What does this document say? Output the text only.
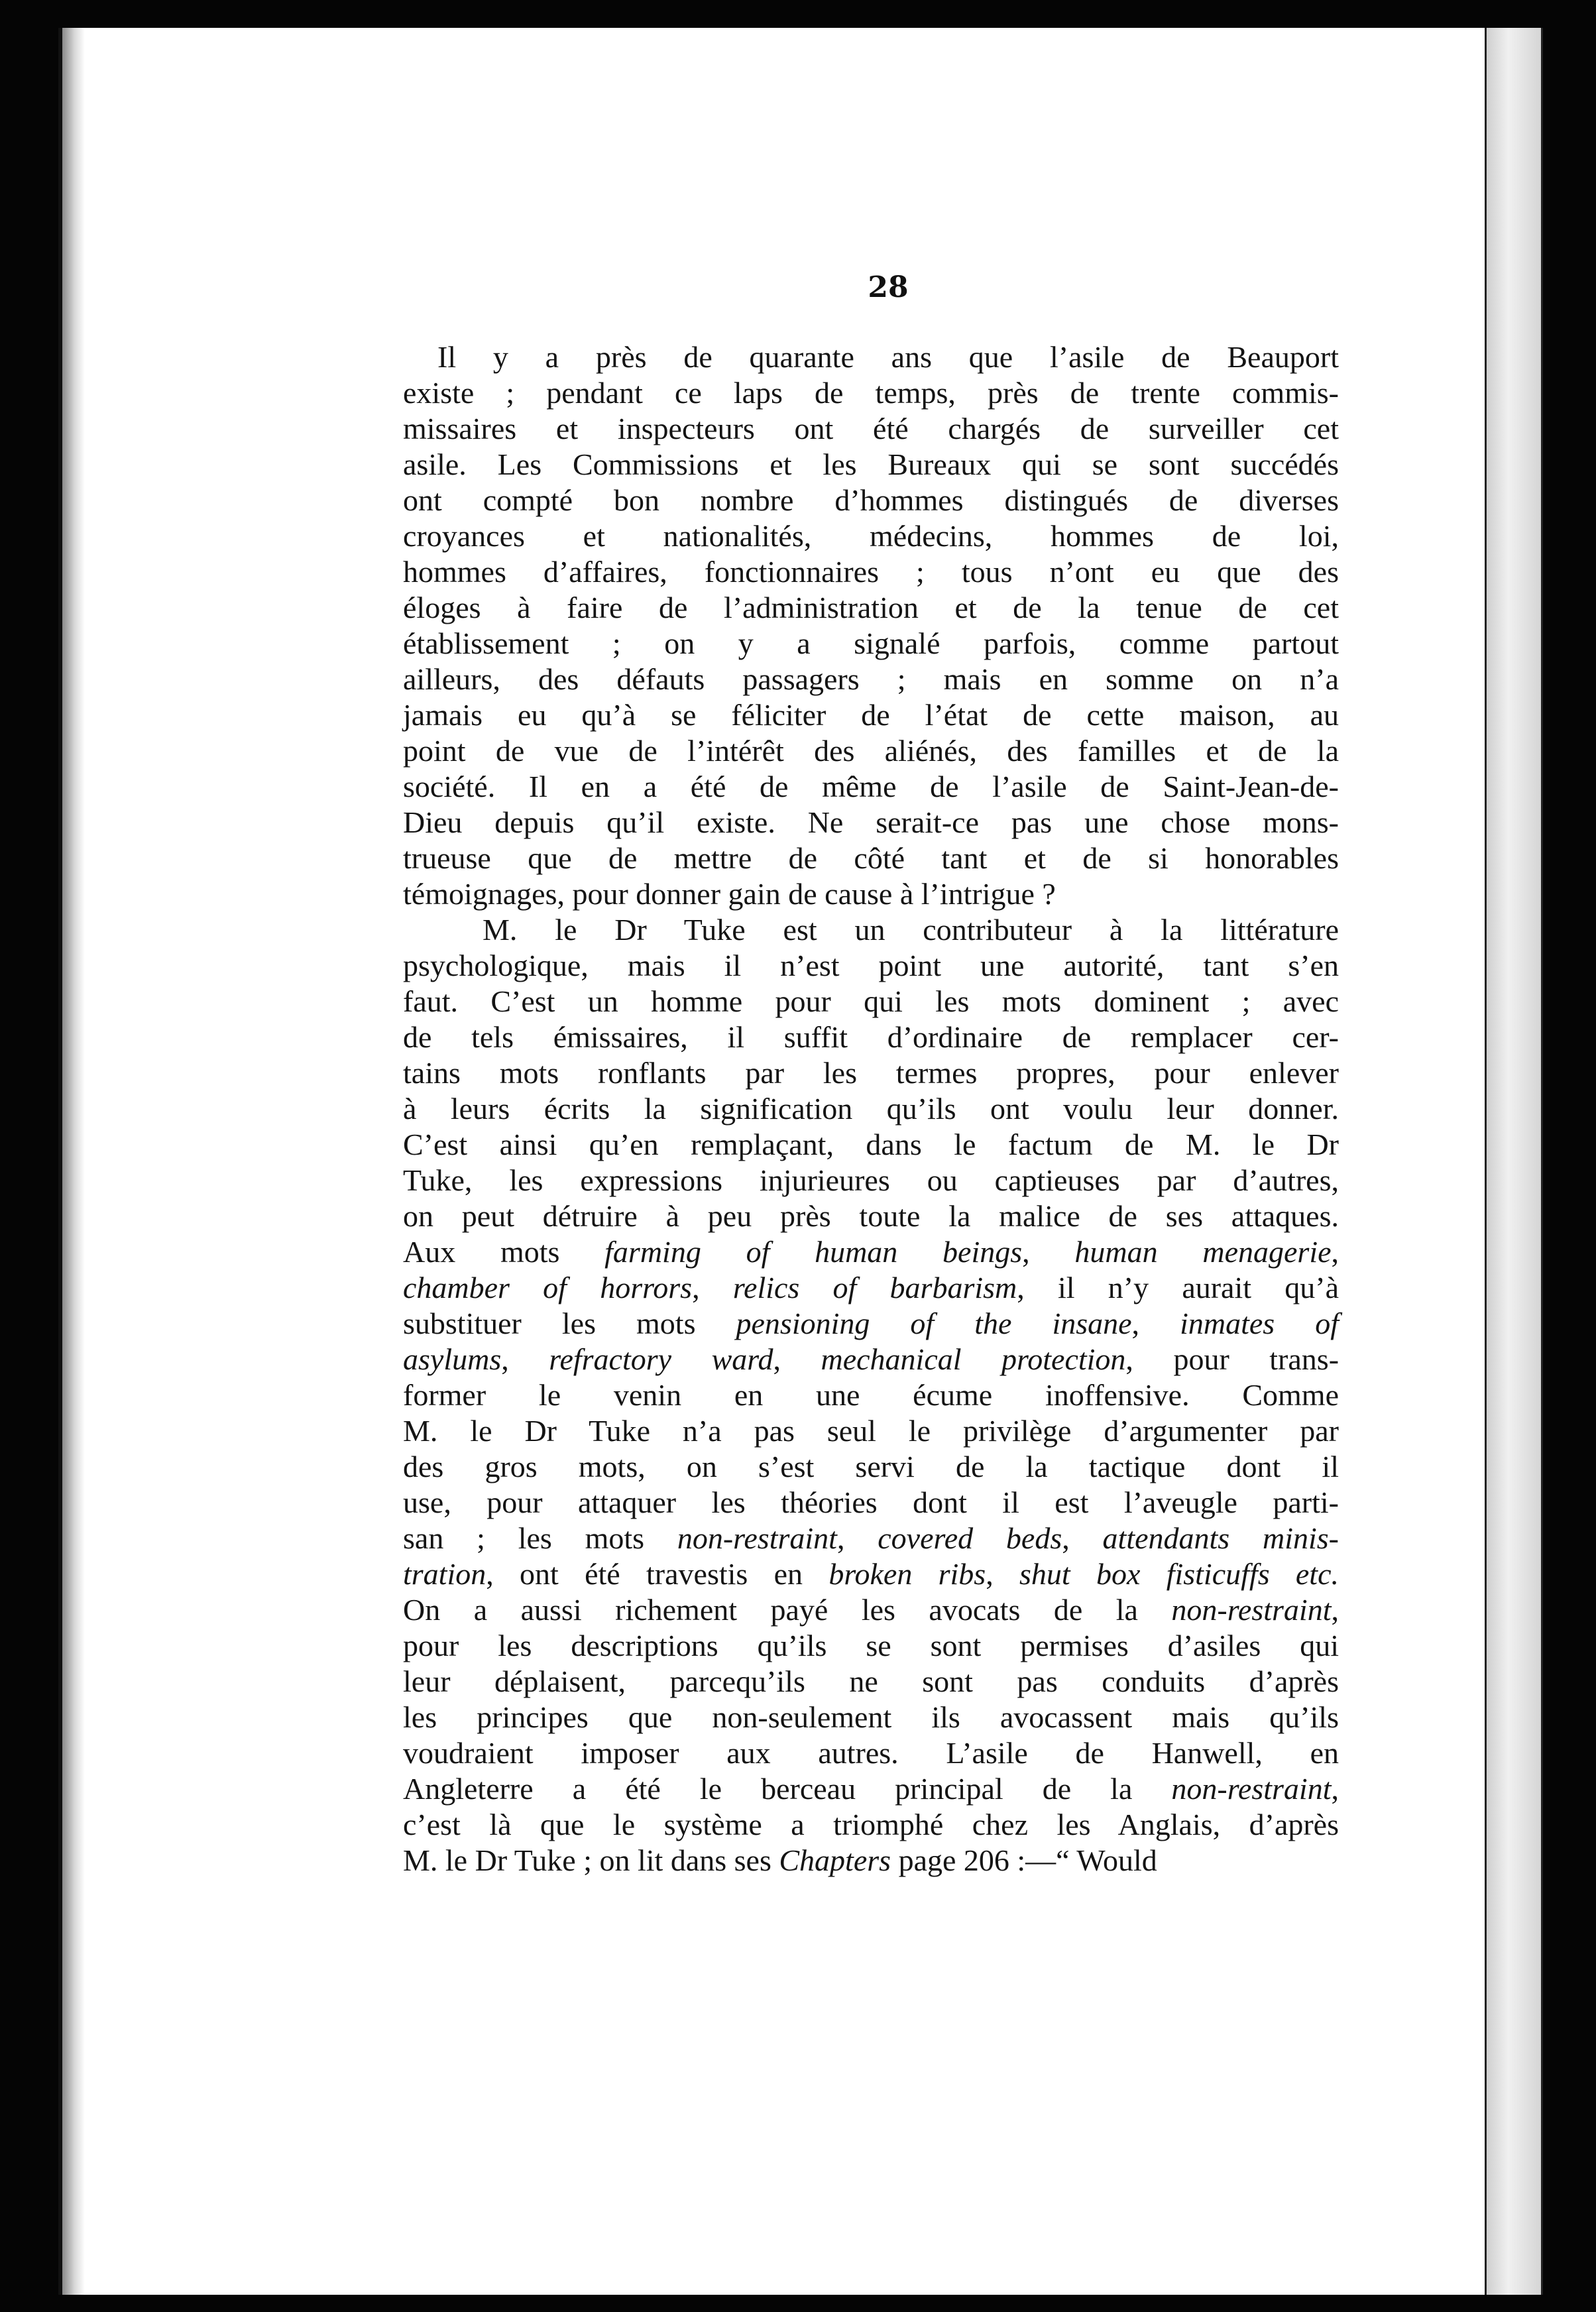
28
Il y a près de quarante ans que l’asile de Beauport
existe ; pendant ce laps de temps, près de trente commis-
missaires et inspecteurs ont été chargés de surveiller cet
asile. Les Commissions et les Bureaux qui se sont succédés
ont compté bon nombre d’hommes distingués de diverses
croyances et nationalités, médecins, hommes de loi,
hommes d’affaires, fonctionnaires ; tous n’ont eu que des
éloges à faire de l’administration et de la tenue de cet
établissement ; on y a signalé parfois, comme partout
ailleurs, des défauts passagers ; mais en somme on n’a
jamais eu qu’à se féliciter de l’état de cette maison, au
point de vue de l’intérêt des aliénés, des familles et de la
société. Il en a été de même de l’asile de Saint-Jean-de-
Dieu depuis qu’il existe. Ne serait-ce pas une chose mons-
trueuse que de mettre de côté tant et de si honorables
témoignages, pour donner gain de cause à l’intrigue ?
M. le Dr Tuke est un contributeur à la littérature
psychologique, mais il n’est point une autorité, tant s’en
faut. C’est un homme pour qui les mots dominent ; avec
de tels émissaires, il suffit d’ordinaire de remplacer cer-
tains mots ronflants par les termes propres, pour enlever
à leurs écrits la signification qu’ils ont voulu leur donner.
C’est ainsi qu’en remplaçant, dans le factum de M. le Dr
Tuke, les expressions injurieures ou captieuses par d’autres,
on peut détruire à peu près toute la malice de ses attaques.
Aux mots farming of human beings, human menagerie,
chamber of horrors, relics of barbarism, il n’y aurait qu’à
substituer les mots pensioning of the insane, inmates of
asylums, refractory ward, mechanical protection, pour trans-
former le venin en une écume inoffensive. Comme
M. le Dr Tuke n’a pas seul le privilège d’argumenter par
des gros mots, on s’est servi de la tactique dont il
use, pour attaquer les théories dont il est l’aveugle parti-
san ; les mots non-restraint, covered beds, attendants minis-
tration, ont été travestis en broken ribs, shut box fisticuffs etc.
On a aussi richement payé les avocats de la non-restraint,
pour les descriptions qu’ils se sont permises d’asiles qui
leur déplaisent, parcequ’ils ne sont pas conduits d’après
les principes que non-seulement ils avocassent mais qu’ils
voudraient imposer aux autres. L’asile de Hanwell, en
Angleterre a été le berceau principal de la non-restraint,
c’est là que le système a triomphé chez les Anglais, d’après
M. le Dr Tuke ; on lit dans ses Chapters page 206 :—“ Would
